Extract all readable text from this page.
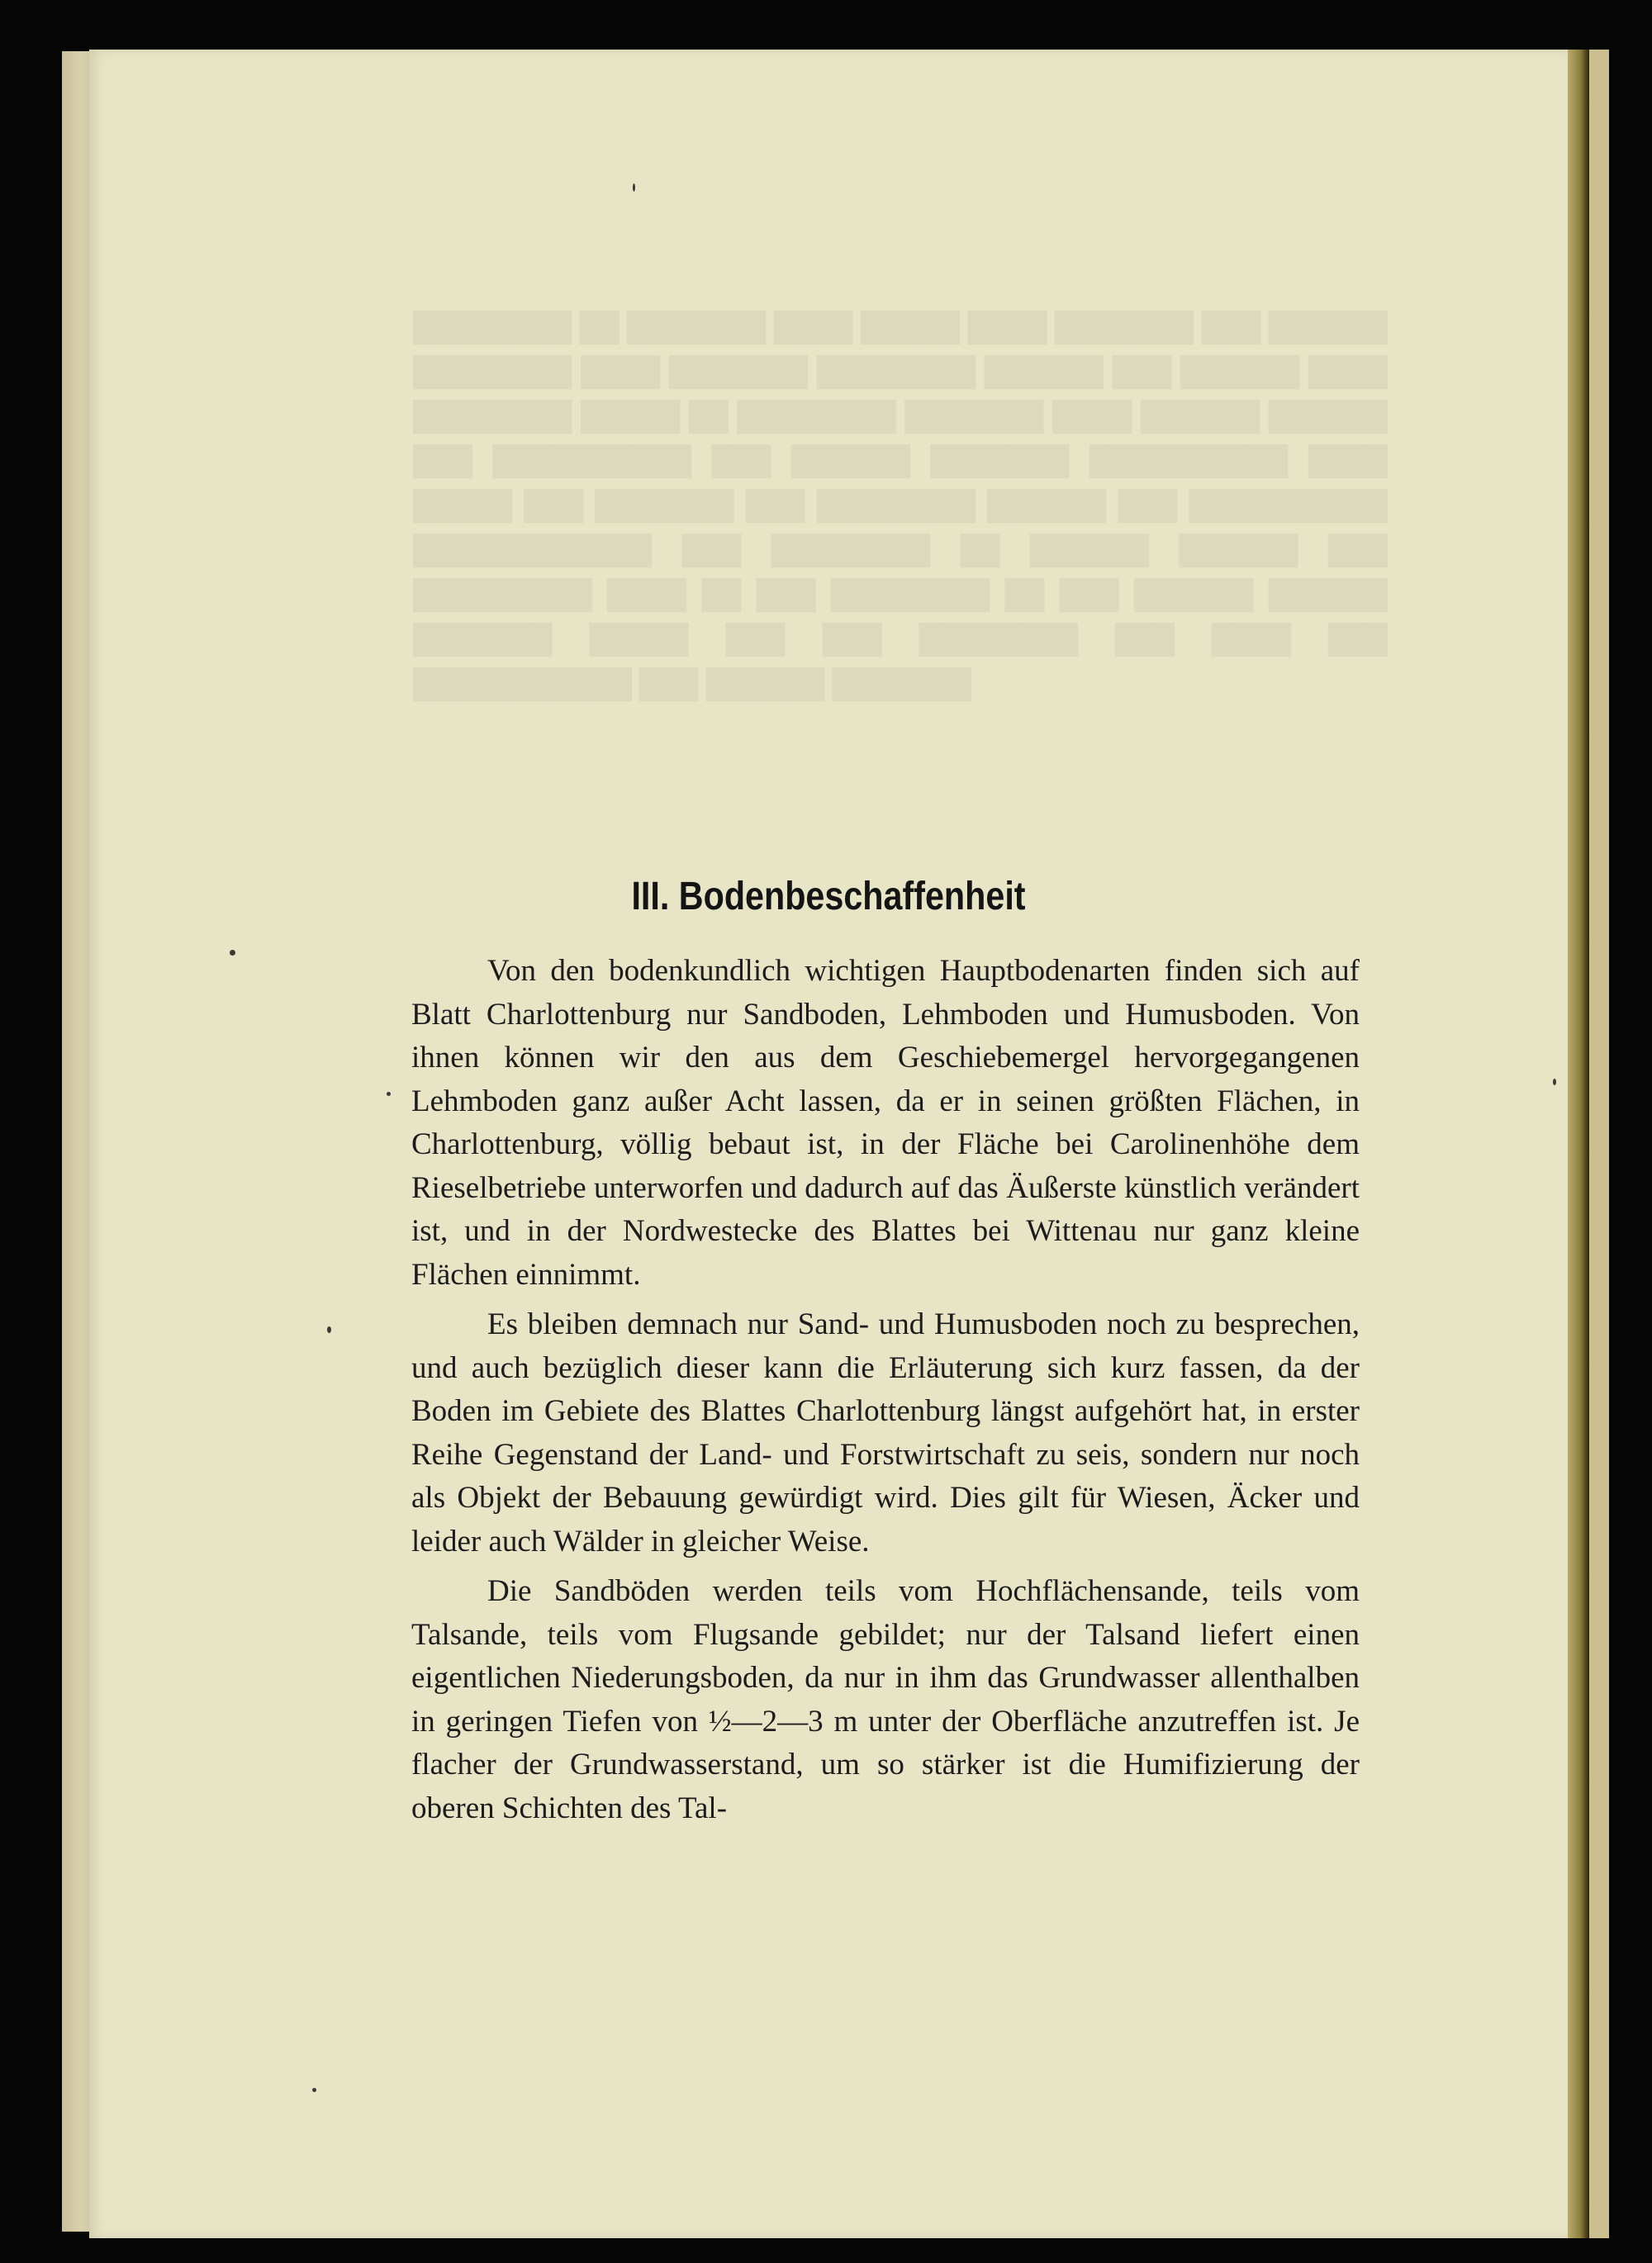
III. Bodenbeschaffenheit

Von den bodenkundlich wichtigen Hauptbodenarten finden sich auf Blatt Charlottenburg nur Sandboden, Lehmboden und Humusboden. Von ihnen können wir den aus dem Geschiebemergel hervorgegangenen Lehmboden ganz außer Acht lassen, da er in seinen größten Flächen, in Charlottenburg, völlig bebaut ist, in der Fläche bei Carolinenhöhe dem Rieselbetriebe unterworfen und dadurch auf das Äußerste künstlich verändert ist, und in der Nordwestecke des Blattes bei Wittenau nur ganz kleine Flächen einnimmt.

Es bleiben demnach nur Sand- und Humusboden noch zu besprechen, und auch bezüglich dieser kann die Erläuterung sich kurz fassen, da der Boden im Gebiete des Blattes Charlottenburg längst aufgehört hat, in erster Reihe Gegenstand der Land- und Forstwirtschaft zu seis, sondern nur noch als Objekt der Bebauung gewürdigt wird. Dies gilt für Wiesen, Äcker und leider auch Wälder in gleicher Weise.

Die Sandböden werden teils vom Hochflächensande, teils vom Talsande, teils vom Flugsande gebildet; nur der Talsand liefert einen eigentlichen Niederungsboden, da nur in ihm das Grundwasser allenthalben in geringen Tiefen von ½—2—3 m unter der Oberfläche anzutreffen ist. Je flacher der Grundwasserstand, um so stärker ist die Humifizierung der oberen Schichten des Tal-
